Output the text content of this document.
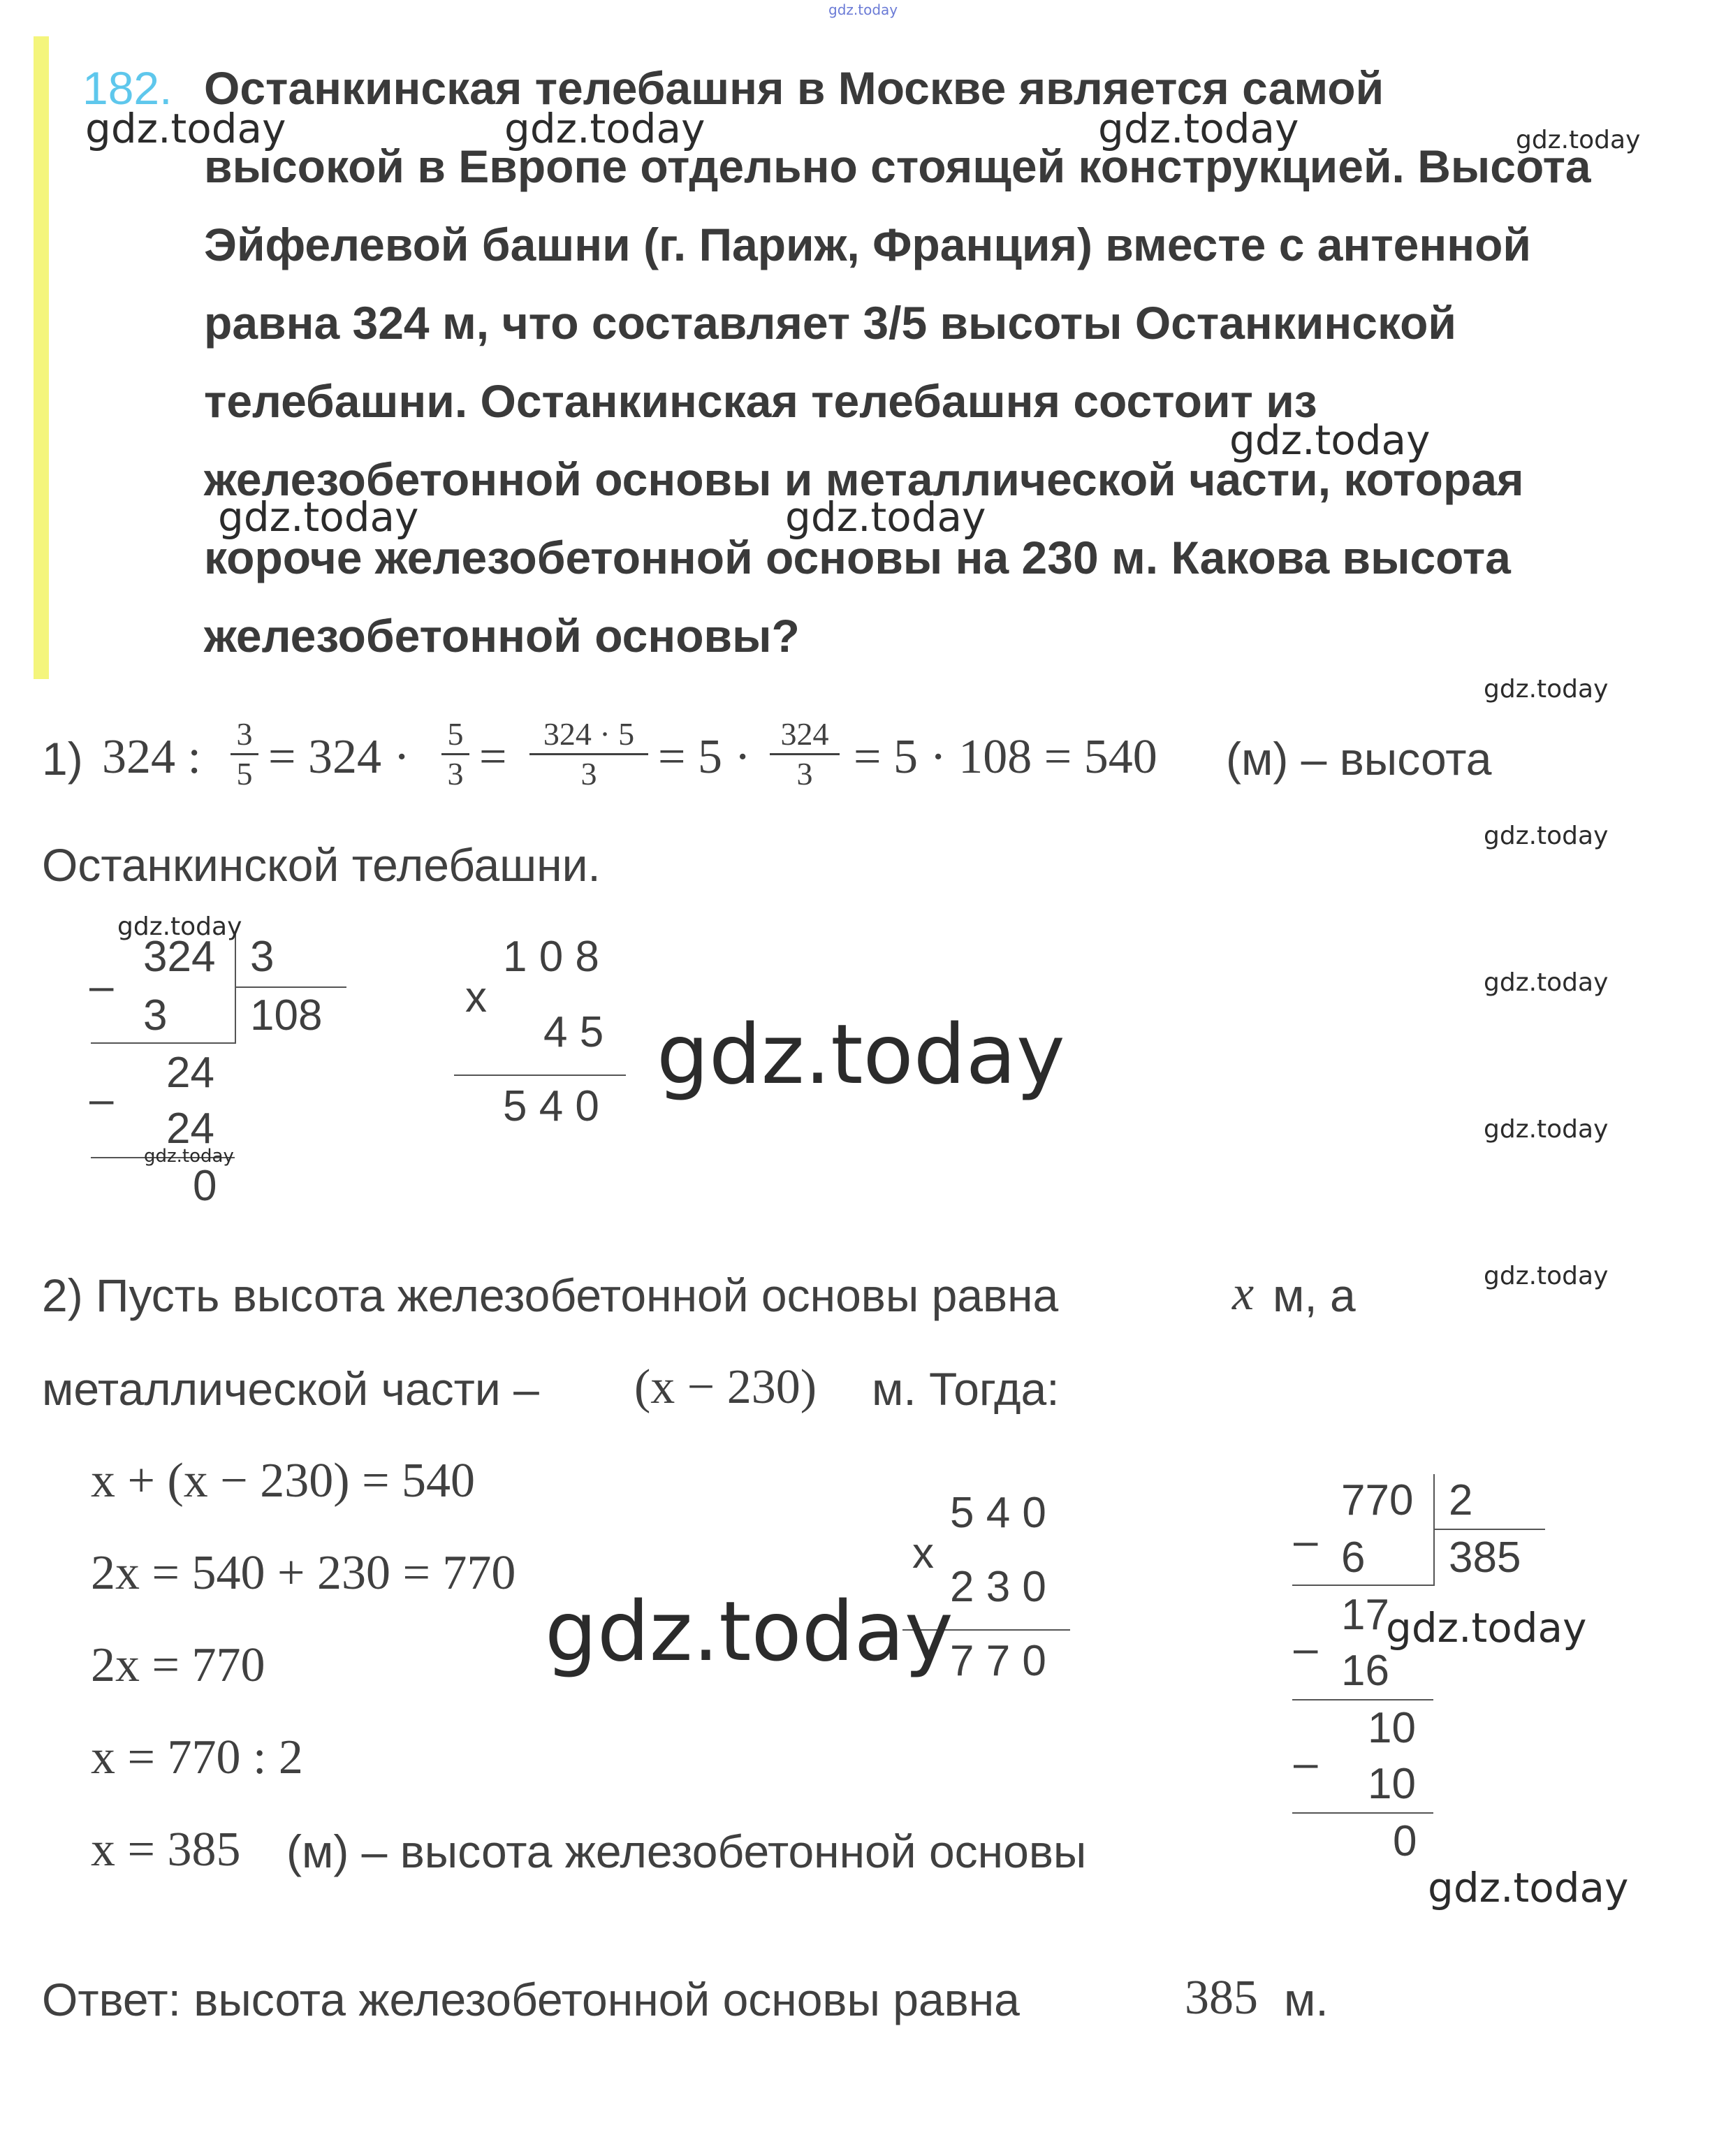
182. Останкинская телебашня в Москве является самой
высокой в Европе отдельно стоящей конструкцией. Высота
Эйфелевой башни (г. Париж, Франция) вместе с антенной
равна 324 м, что составляет 3/5 высоты Останкинской
телебашни. Останкинская телебашня состоит из
железобетонной основы и металлической части, которая
короче железобетонной основы на 230 м. Какова высота
железобетонной основы?
1) 324 : 3
5 = 324 · 5
3 =	324 · 5
3	= 5 · 324
3 = 5 · 108 = 540 (м) – высота
Останкинской телебашни.
–
324 3
108
3
–
24
24
0
1 0 8
x
4 5
5 4 0
2) Пусть высота железобетонной основы равна	x м, а
металлической части – (x − 230) м. Тогда:
x + (x − 230) = 540
2x = 540 + 230 = 770
2x = 770
x = 770 : 2
x = 385 (м) – высота железобетонной основы
5 4 0
x
2 3 0
7 7 0
–
770 2
385
6
–
17
16
–
10
10
0
Ответ: высота железобетонной основы равна	385 м.
gdz.today
gdz.today	gdz.today	gdz.today	gdz.today
gdz.today
gdz.today	gdz.today
gdz.today
gdz.today
gdz.today
gdz.today
gdz.today
gdz.today
gdz.today
gdz.today
gdz.today	gdz.today
gdz.today
